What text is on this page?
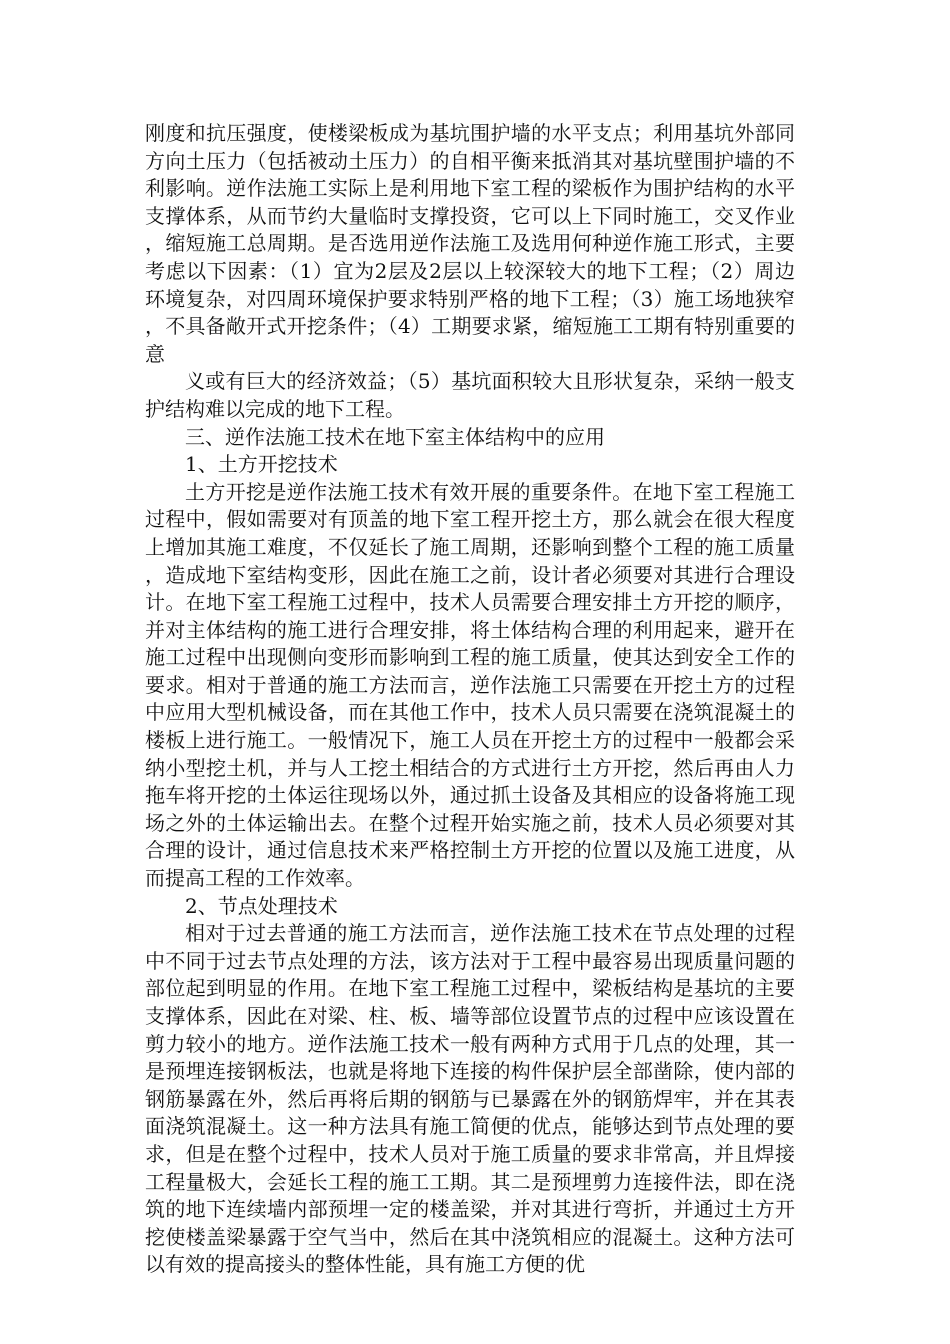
刚度和抗压强度，使楼梁板成为基坑围护墙的水平支点；利用基坑外部同方向土压力（包括被动土压力）的自相平衡来抵消其对基坑壁围护墙的不利影响。逆作法施工实际上是利用地下室工程的梁板作为围护结构的水平支撑体系，从而节约大量临时支撑投资，它可以上下同时施工，交叉作业，缩短施工总周期。是否选用逆作法施工及选用何种逆作施工形式，主要考虑以下因素：（1）宜为2层及2层以上较深较大的地下工程；（2）周边环境复杂，对四周环境保护要求特别严格的地下工程；（3）施工场地狭窄，不具备敞开式开挖条件；（4）工期要求紧，缩短施工工期有特别重要的意

义或有巨大的经济效益；（5）基坑面积较大且形状复杂，采纳一般支护结构难以完成的地下工程。

三、逆作法施工技术在地下室主体结构中的应用

1、土方开挖技术

土方开挖是逆作法施工技术有效开展的重要条件。在地下室工程施工过程中，假如需要对有顶盖的地下室工程开挖土方，那么就会在很大程度上增加其施工难度，不仅延长了施工周期，还影响到整个工程的施工质量，造成地下室结构变形，因此在施工之前，设计者必须要对其进行合理设计。在地下室工程施工过程中，技术人员需要合理安排土方开挖的顺序，并对主体结构的施工进行合理安排，将土体结构合理的利用起来，避开在施工过程中出现侧向变形而影响到工程的施工质量，使其达到安全工作的要求。相对于普通的施工方法而言，逆作法施工只需要在开挖土方的过程中应用大型机械设备，而在其他工作中，技术人员只需要在浇筑混凝土的楼板上进行施工。一般情况下，施工人员在开挖土方的过程中一般都会采纳小型挖土机，并与人工挖土相结合的方式进行土方开挖，然后再由人力拖车将开挖的土体运往现场以外，通过抓土设备及其相应的设备将施工现场之外的土体运输出去。在整个过程开始实施之前，技术人员必须要对其合理的设计，通过信息技术来严格控制土方开挖的位置以及施工进度，从而提高工程的工作效率。

2、节点处理技术

相对于过去普通的施工方法而言，逆作法施工技术在节点处理的过程中不同于过去节点处理的方法，该方法对于工程中最容易出现质量问题的部位起到明显的作用。在地下室工程施工过程中，梁板结构是基坑的主要支撑体系，因此在对梁、柱、板、墙等部位设置节点的过程中应该设置在剪力较小的地方。逆作法施工技术一般有两种方式用于几点的处理，其一是预埋连接钢板法，也就是将地下连接的构件保护层全部凿除，使内部的钢筋暴露在外，然后再将后期的钢筋与已暴露在外的钢筋焊牢，并在其表面浇筑混凝土。这一种方法具有施工简便的优点，能够达到节点处理的要求，但是在整个过程中，技术人员对于施工质量的要求非常高，并且焊接工程量极大，会延长工程的施工工期。其二是预埋剪力连接件法，即在浇筑的地下连续墙内部预埋一定的楼盖梁，并对其进行弯折，并通过土方开挖使楼盖梁暴露于空气当中，然后在其中浇筑相应的混凝土。这种方法可以有效的提高接头的整体性能，具有施工方便的优
